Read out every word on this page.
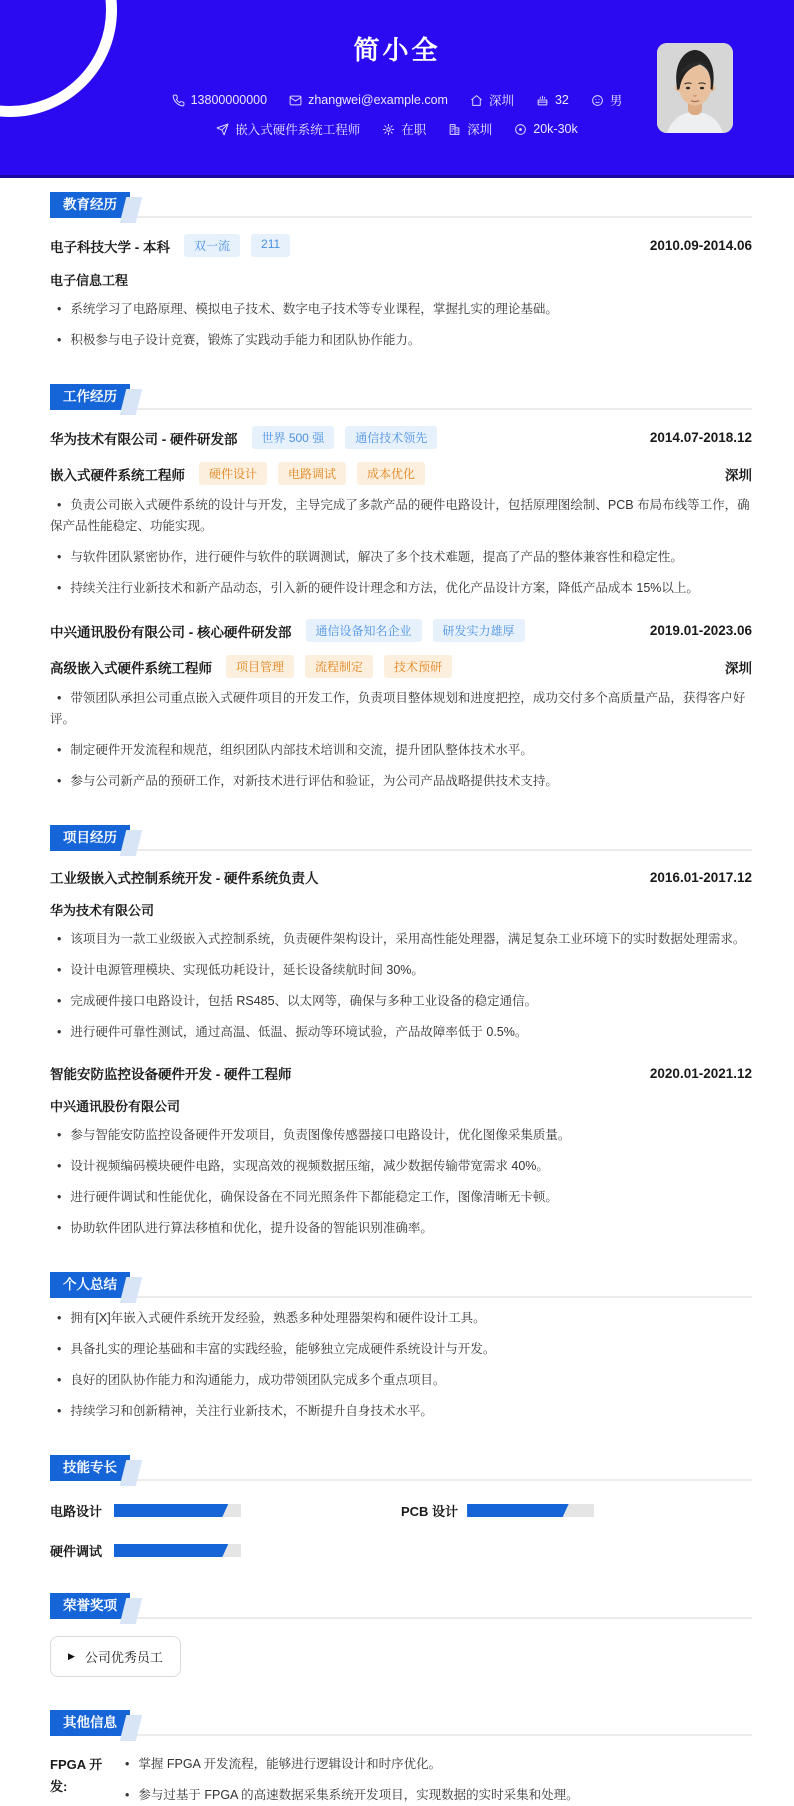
简小全
13800000000	zhangwei@example.com	深圳	32	男
嵌入式硬件系统工程师	在职	深圳	20k-30k
教育经历
电子科技大学 - 本科	双一流	211	2010.09-2014.06
电子信息工程
• 系统学习了电路原理、模拟电子技术、数字电子技术等专业课程，掌握扎实的理论基础。
• 积极参与电子设计竞赛，锻炼了实践动手能力和团队协作能力。
工作经历
华为技术有限公司 - 硬件研发部	世界 500 强	通信技术领先	2014.07-2018.12
嵌入式硬件系统工程师	硬件设计	电路调试	成本优化	深圳
• 负责公司嵌入式硬件系统的设计与开发，主导完成了多款产品的硬件电路设计，包括原理图绘制、PCB 布局布线等工作，确保产品性能稳定、功能实现。
• 与软件团队紧密协作，进行硬件与软件的联调测试，解决了多个技术难题，提高了产品的整体兼容性和稳定性。
• 持续关注行业新技术和新产品动态，引入新的硬件设计理念和方法，优化产品设计方案，降低产品成本 15%以上。
中兴通讯股份有限公司 - 核心硬件研发部	通信设备知名企业	研发实力雄厚	2019.01-2023.06
高级嵌入式硬件系统工程师	项目管理	流程制定	技术预研	深圳
• 带领团队承担公司重点嵌入式硬件项目的开发工作，负责项目整体规划和进度把控，成功交付多个高质量产品，获得客户好评。
• 制定硬件开发流程和规范，组织团队内部技术培训和交流，提升团队整体技术水平。
• 参与公司新产品的预研工作，对新技术进行评估和验证，为公司产品战略提供技术支持。
项目经历
工业级嵌入式控制系统开发 - 硬件系统负责人	2016.01-2017.12
华为技术有限公司
• 该项目为一款工业级嵌入式控制系统，负责硬件架构设计，采用高性能处理器，满足复杂工业环境下的实时数据处理需求。
• 设计电源管理模块、实现低功耗设计，延长设备续航时间 30%。
• 完成硬件接口电路设计，包括 RS485、以太网等，确保与多种工业设备的稳定通信。
• 进行硬件可靠性测试，通过高温、低温、振动等环境试验，产品故障率低于 0.5%。
智能安防监控设备硬件开发 - 硬件工程师	2020.01-2021.12
中兴通讯股份有限公司
• 参与智能安防监控设备硬件开发项目，负责图像传感器接口电路设计，优化图像采集质量。
• 设计视频编码模块硬件电路，实现高效的视频数据压缩，减少数据传输带宽需求 40%。
• 进行硬件调试和性能优化，确保设备在不同光照条件下都能稳定工作，图像清晰无卡顿。
• 协助软件团队进行算法移植和优化，提升设备的智能识别准确率。
个人总结
• 拥有[X]年嵌入式硬件系统开发经验，熟悉多种处理器架构和硬件设计工具。
• 具备扎实的理论基础和丰富的实践经验，能够独立完成硬件系统设计与开发。
• 良好的团队协作能力和沟通能力，成功带领团队完成多个重点项目。
• 持续学习和创新精神，关注行业新技术，不断提升自身技术水平。
技能专长
电路设计	PCB 设计
硬件调试
荣誉奖项
▶
公司优秀员工
其他信息
FPGA 开发:
• 掌握 FPGA 开发流程，能够进行逻辑设计和时序优化。
• 参与过基于 FPGA 的高速数据采集系统开发项目，实现数据的实时采集和处理。
